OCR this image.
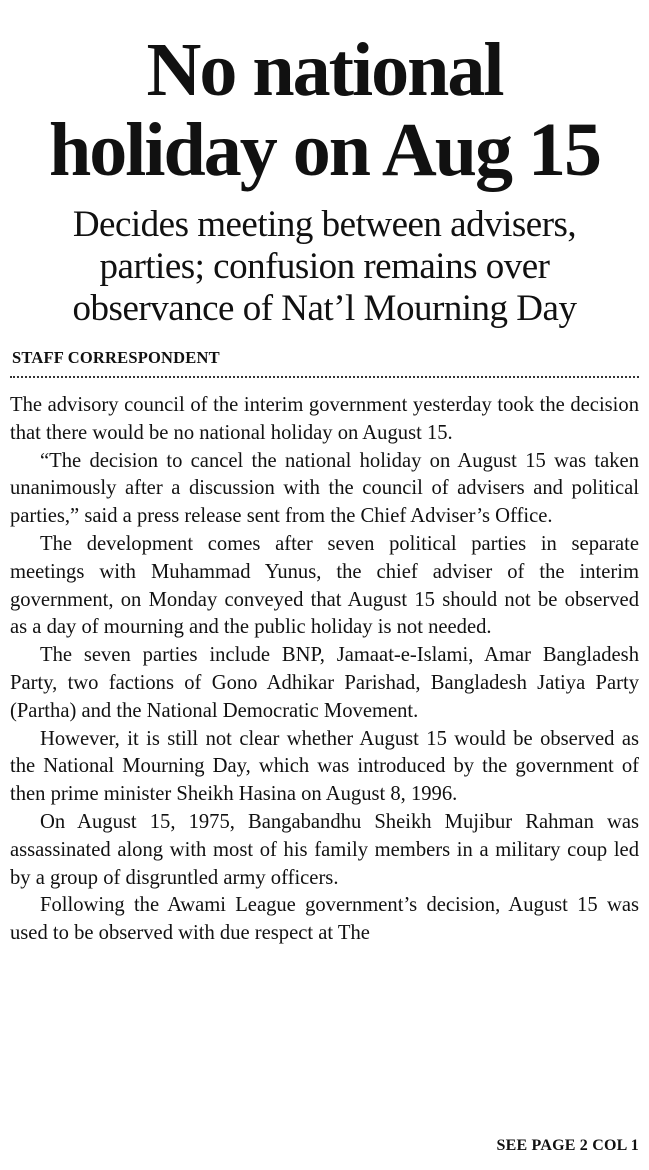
No national
holiday on Aug 15
Decides meeting between advisers,
parties; confusion remains over
observance of Nat’l Mourning Day
STAFF CORRESPONDENT

The advisory council of the interim government yesterday took the decision that there would be no national holiday on August 15.

“The decision to cancel the national holiday on August 15 was taken unanimously after a discussion with the council of advisers and political parties,” said a press release sent from the Chief Adviser’s Office.

The development comes after seven political parties in separate meetings with Muhammad Yunus, the chief adviser of the interim government, on Monday conveyed that August 15 should not be observed as a day of mourning and the public holiday is not needed.

The seven parties include BNP, Jamaat-e-Islami, Amar Bangladesh Party, two factions of Gono Adhikar Parishad, Bangladesh Jatiya Party (Partha) and the National Democratic Movement.

However, it is still not clear whether August 15 would be observed as the National Mourning Day, which was introduced by the government of then prime minister Sheikh Hasina on August 8, 1996.

On August 15, 1975, Bangabandhu Sheikh Mujibur Rahman was assassinated along with most of his family members in a military coup led by a group of disgruntled army officers.

Following the Awami League government’s decision, August 15 was used to be observed with due respect at The

SEE PAGE 2 COL 1
